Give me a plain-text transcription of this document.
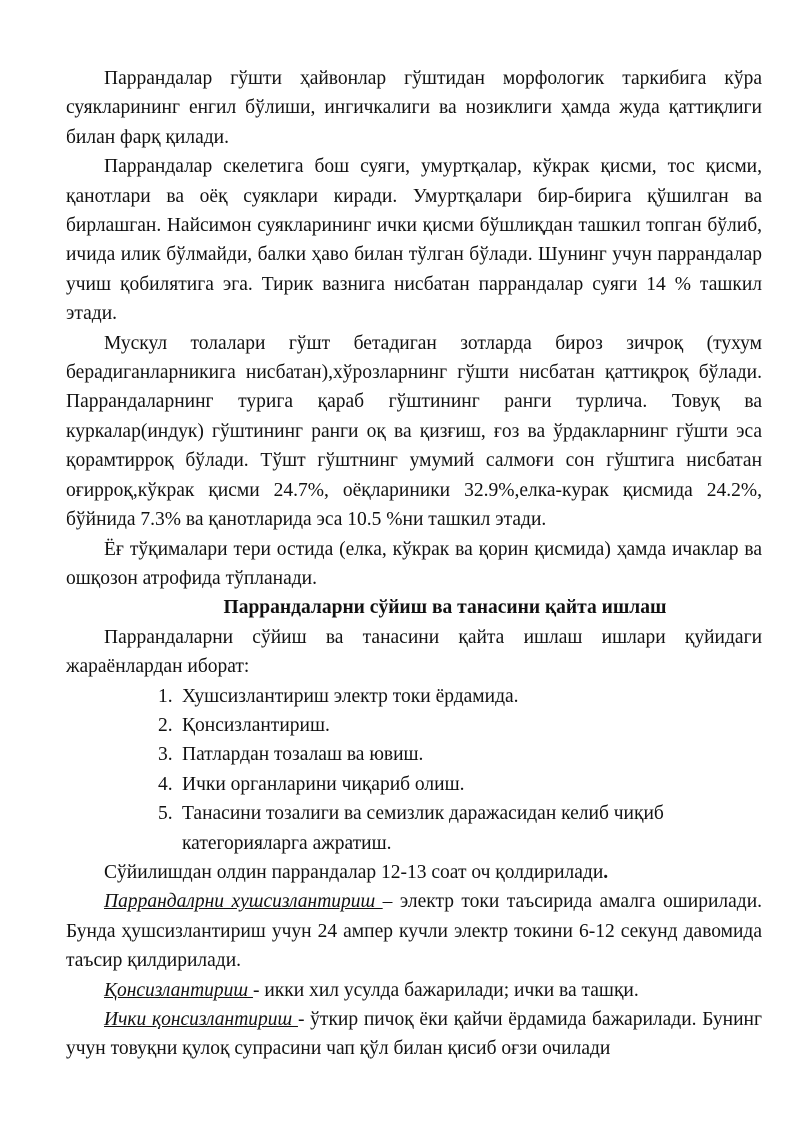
Паррандалар гўшти ҳайвонлар гўштидан морфологик таркибига кўра суякларининг енгил бўлиши, ингичкалиги ва нозиклиги ҳамда жуда қаттиқлиги билан фарқ қилади.

Паррандалар скелетига бош суяги, умуртқалар, кўкрак қисми, тос қисми, қанотлари ва оёқ суяклари киради. Умуртқалари бир-бирига қўшилган ва бирлашган. Найсимон суякларининг ички қисми бўшлиқдан ташкил топган бўлиб, ичида илик бўлмайди, балки ҳаво билан тўлган бўлади. Шунинг учун паррандалар учиш қобилятига эга. Тирик вазнига нисбатан паррандалар суяги 14 % ташкил этади.

Мускул толалари гўшт бетадиган зотларда бироз зичроқ (тухум берадиганларникига нисбатан),хўрозларнинг гўшти нисбатан қаттиқроқ бўлади. Паррандаларнинг турига қараб гўштининг ранги турлича. Товуқ ва куркалар(индук) гўштининг ранги оқ ва қизғиш, ғоз ва ўрдакларнинг гўшти эса қорамтирроқ бўлади. Тўшт гўштнинг умумий салмоғи сон гўштига нисбатан оғирроқ,кўкрак қисми 24.7%, оёқлариники 32.9%,елка-курак қисмида 24.2%, бўйнида 7.3% ва қанотларида эса 10.5 %ни ташкил этади.

Ёғ тўқималари тери остида (елка, кўкрак ва қорин қисмида) ҳамда ичаклар ва ошқозон атрофида тўпланади.

Паррандаларни сўйиш ва танасини қайта ишлаш

Паррандаларни сўйиш ва танасини қайта ишлаш ишлари қуйидаги жараёнлардан иборат:

1. Хушсизлантириш электр токи ёрдамида.
2. Қонсизлантириш.
3. Патлардан тозалаш ва ювиш.
4. Ички органларини чиқариб олиш.
5. Танасини тозалиги ва семизлик даражасидан келиб чиқиб категорияларга ажратиш.

Сўйилишдан олдин паррандалар 12-13 соат оч қолдирилади.

Паррандалрни хушсизлантириш – электр токи таъсирида амалга оширилади. Бунда ҳушсизлантириш учун 24 ампер кучли электр токини 6-12 секунд давомида таъсир қилдирилади.

Қонсизлантириш - икки хил усулда бажарилади; ички ва ташқи.

Ички қонсизлантириш - ўткир пичоқ ёки қайчи ёрдамида бажарилади. Бунинг учун товуқни қулоқ супрасини чап қўл билан қисиб оғзи очилади
